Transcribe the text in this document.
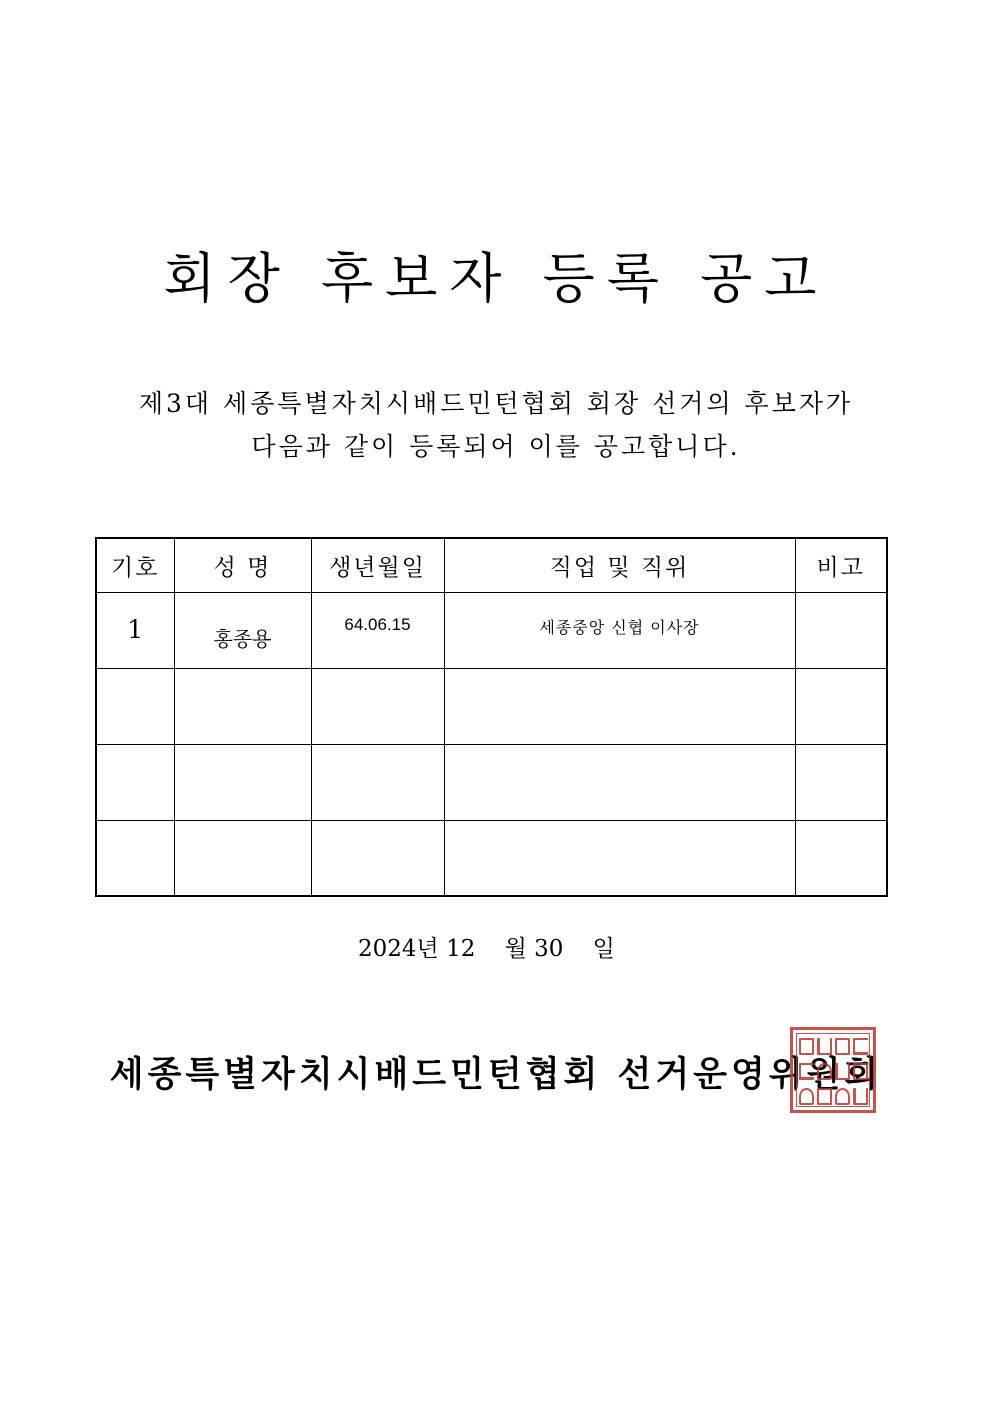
회장 후보자 등록 공고

제3대 세종특별자치시배드민턴협회 회장 선거의 후보자가

다음과 같이 등록되어 이를 공고합니다.

기호	성 명	생년월일	직업 및 직위	비고

1	홍종용	64.06.15	세종중앙 신협 이사장	

2024년 12 월 30 일

세종특별자치시배드민턴협회 선거운영위원회
